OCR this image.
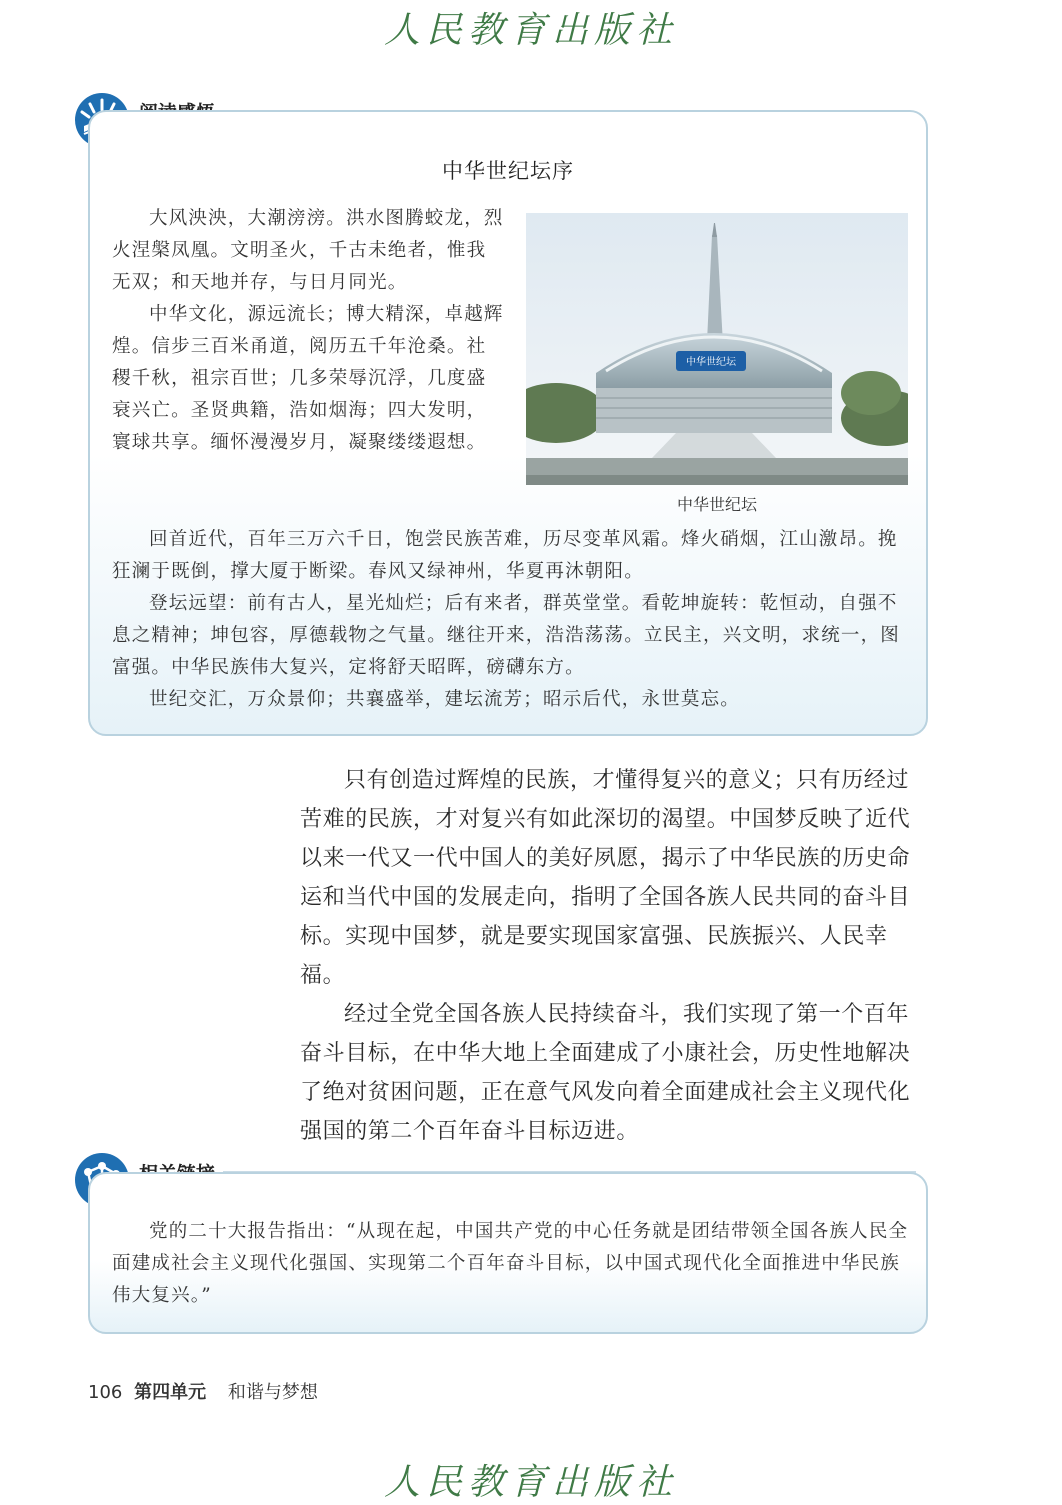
人民教育出版社
中华世纪坛序

大风泱泱，大潮滂滂。洪水图腾蛟龙，烈火涅槃凤凰。文明圣火，千古未绝者，惟我无双；和天地并存，与日月同光。

中华文化，源远流长；博大精深，卓越辉煌。信步三百米甬道，阅历五千年沧桑。社稷千秋，祖宗百世；几多荣辱沉浮，几度盛衰兴亡。圣贤典籍，浩如烟海；四大发明，寰球共享。缅怀漫漫岁月，凝聚缕缕遐想。

回首近代，百年三万六千日，饱尝民族苦难，历尽变革风霜。烽火硝烟，江山激昂。挽狂澜于既倒，撑大厦于断梁。春风又绿神州，华夏再沐朝阳。

登坛远望：前有古人，星光灿烂；后有来者，群英堂堂。看乾坤旋转：乾恒动，自强不息之精神；坤包容，厚德载物之气量。继往开来，浩浩荡荡。立民主，兴文明，求统一，图富强。中华民族伟大复兴，定将舒天昭晖，磅礴东方。

世纪交汇，万众景仰；共襄盛举，建坛流芳；昭示后代，永世莫忘。

中华世纪坛
中华世纪坛

只有创造过辉煌的民族，才懂得复兴的意义；只有历经过苦难的民族，才对复兴有如此深切的渴望。中国梦反映了近代以来一代又一代中国人的美好夙愿，揭示了中华民族的历史命运和当代中国的发展走向，指明了全国各族人民共同的奋斗目标。实现中国梦，就是要实现国家富强、民族振兴、人民幸福。

经过全党全国各族人民持续奋斗，我们实现了第一个百年奋斗目标，在中华大地上全面建成了小康社会，历史性地解决了绝对贫困问题，正在意气风发向着全面建成社会主义现代化强国的第二个百年奋斗目标迈进。

党的二十大报告指出：“从现在起，中国共产党的中心任务就是团结带领全国各族人民全面建成社会主义现代化强国、实现第二个百年奋斗目标，以中国式现代化全面推进中华民族伟大复兴。”

106 第四单元 和谐与梦想
人民教育出版社
